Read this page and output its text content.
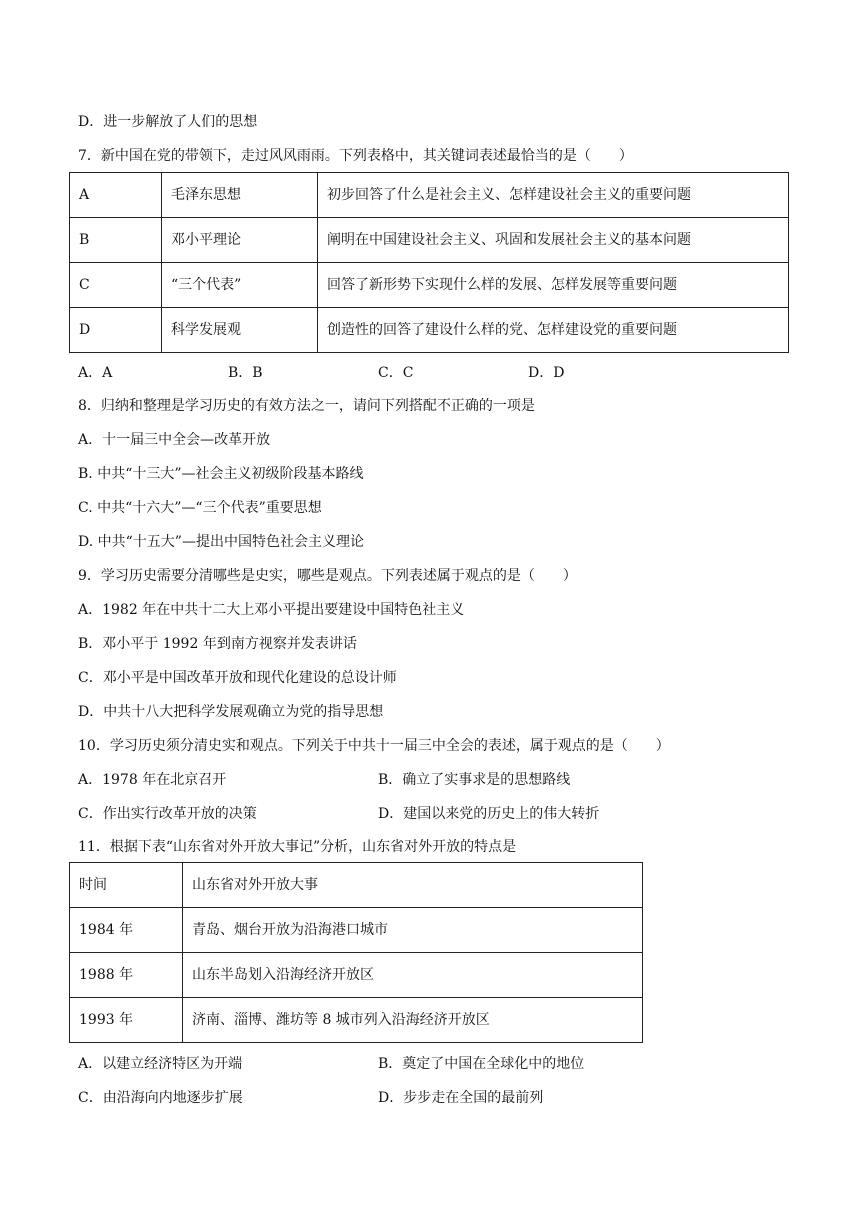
D．进一步解放了人们的思想
7．新中国在党的带领下，走过风风雨雨。下列表格中，其关键词表述最恰当的是（　　）
A	毛泽东思想	初步回答了什么是社会主义、怎样建设社会主义的重要问题
B	邓小平理论	阐明在中国建设社会主义、巩固和发展社会主义的基本问题
C	“三个代表”	回答了新形势下实现什么样的发展、怎样发展等重要问题
D	科学发展观	创造性的回答了建设什么样的党、怎样建设党的重要问题
A．A	B．B	C．C	D．D
8．归纳和整理是学习历史的有效方法之一，请问下列搭配不正确的一项是
A．十一届三中全会—改革开放
B. 中共“十三大”—社会主义初级阶段基本路线
C. 中共“十六大”—“三个代表”重要思想
D. 中共“十五大”—提出中国特色社会主义理论
9．学习历史需要分清哪些是史实，哪些是观点。下列表述属于观点的是（　　）
A．1982 年在中共十二大上邓小平提出要建设中国特色社主义
B．邓小平于 1992 年到南方视察并发表讲话
C．邓小平是中国改革开放和现代化建设的总设计师
D．中共十八大把科学发展观确立为党的指导思想
10．学习历史须分清史实和观点。下列关于中共十一届三中全会的表述，属于观点的是（　　）
A．1978 年在北京召开	B．确立了实事求是的思想路线
C．作出实行改革开放的决策	D．建国以来党的历史上的伟大转折
11．根据下表“山东省对外开放大事记”分析，山东省对外开放的特点是
时间	山东省对外开放大事
1984 年	青岛、烟台开放为沿海港口城市
1988 年	山东半岛划入沿海经济开放区
1993 年	济南、淄博、潍坊等 8 城市列入沿海经济开放区
A．以建立经济特区为开端	B．奠定了中国在全球化中的地位
C．由沿海向内地逐步扩展	D．步步走在全国的最前列
